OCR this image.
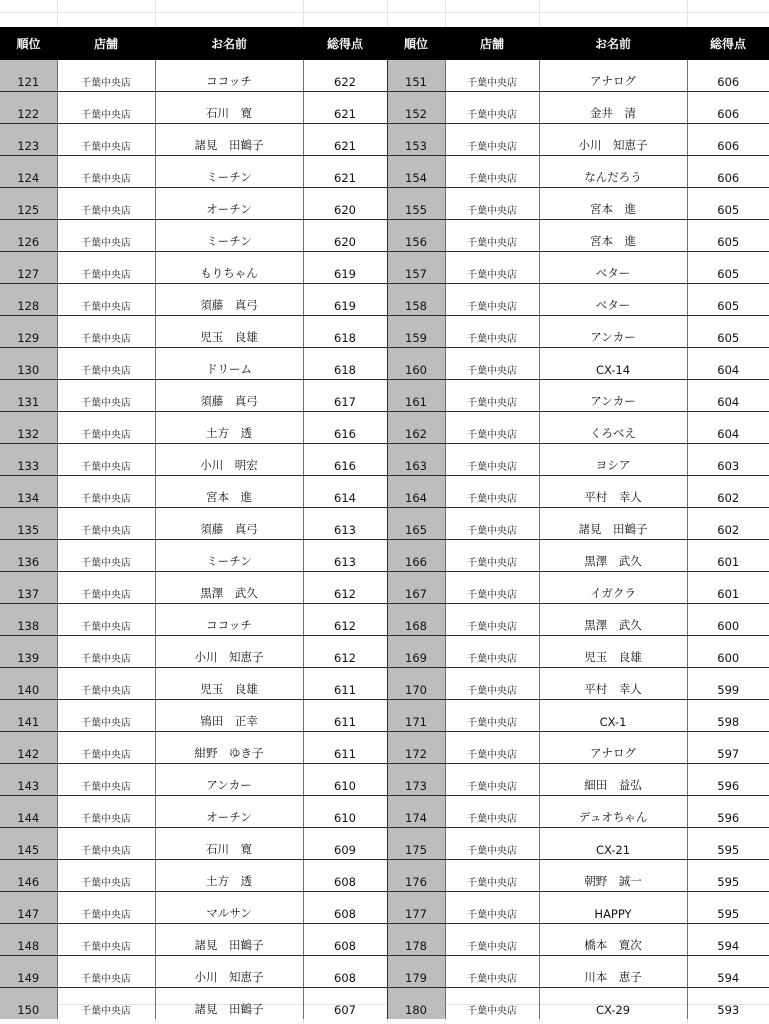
順位	店舗	お名前	総得点	順位	店舗	お名前	総得点
121	千葉中央店	ココッチ	622	151	千葉中央店	アナログ	606
122	千葉中央店	石川　寛	621	152	千葉中央店	金井　清	606
123	千葉中央店	諸見　田鶴子	621	153	千葉中央店	小川　知恵子	606
124	千葉中央店	ミーチン	621	154	千葉中央店	なんだろう	606
125	千葉中央店	オーチン	620	155	千葉中央店	宮本　進	605
126	千葉中央店	ミーチン	620	156	千葉中央店	宮本　進	605
127	千葉中央店	もりちゃん	619	157	千葉中央店	ベター	605
128	千葉中央店	須藤　真弓	619	158	千葉中央店	ベター	605
129	千葉中央店	児玉　良雄	618	159	千葉中央店	アンカー	605
130	千葉中央店	ドリーム	618	160	千葉中央店	CX-14	604
131	千葉中央店	須藤　真弓	617	161	千葉中央店	アンカー	604
132	千葉中央店	土方　透	616	162	千葉中央店	くろべえ	604
133	千葉中央店	小川　明宏	616	163	千葉中央店	ヨシア	603
134	千葉中央店	宮本　進	614	164	千葉中央店	平村　幸人	602
135	千葉中央店	須藤　真弓	613	165	千葉中央店	諸見　田鶴子	602
136	千葉中央店	ミーチン	613	166	千葉中央店	黒澤　武久	601
137	千葉中央店	黒澤　武久	612	167	千葉中央店	イガクラ	601
138	千葉中央店	ココッチ	612	168	千葉中央店	黒澤　武久	600
139	千葉中央店	小川　知恵子	612	169	千葉中央店	児玉　良雄	600
140	千葉中央店	児玉　良雄	611	170	千葉中央店	平村　幸人	599
141	千葉中央店	鴇田　正幸	611	171	千葉中央店	CX-1	598
142	千葉中央店	紺野　ゆき子	611	172	千葉中央店	アナログ	597
143	千葉中央店	アンカー	610	173	千葉中央店	細田　益弘	596
144	千葉中央店	オーチン	610	174	千葉中央店	デュオちゃん	596
145	千葉中央店	石川　寛	609	175	千葉中央店	CX-21	595
146	千葉中央店	土方　透	608	176	千葉中央店	朝野　誠一	595
147	千葉中央店	マルサン	608	177	千葉中央店	HAPPY	595
148	千葉中央店	諸見　田鶴子	608	178	千葉中央店	橋本　寛次	594
149	千葉中央店	小川　知恵子	608	179	千葉中央店	川本　恵子	594
150	千葉中央店	諸見　田鶴子	607	180	千葉中央店	CX-29	593
